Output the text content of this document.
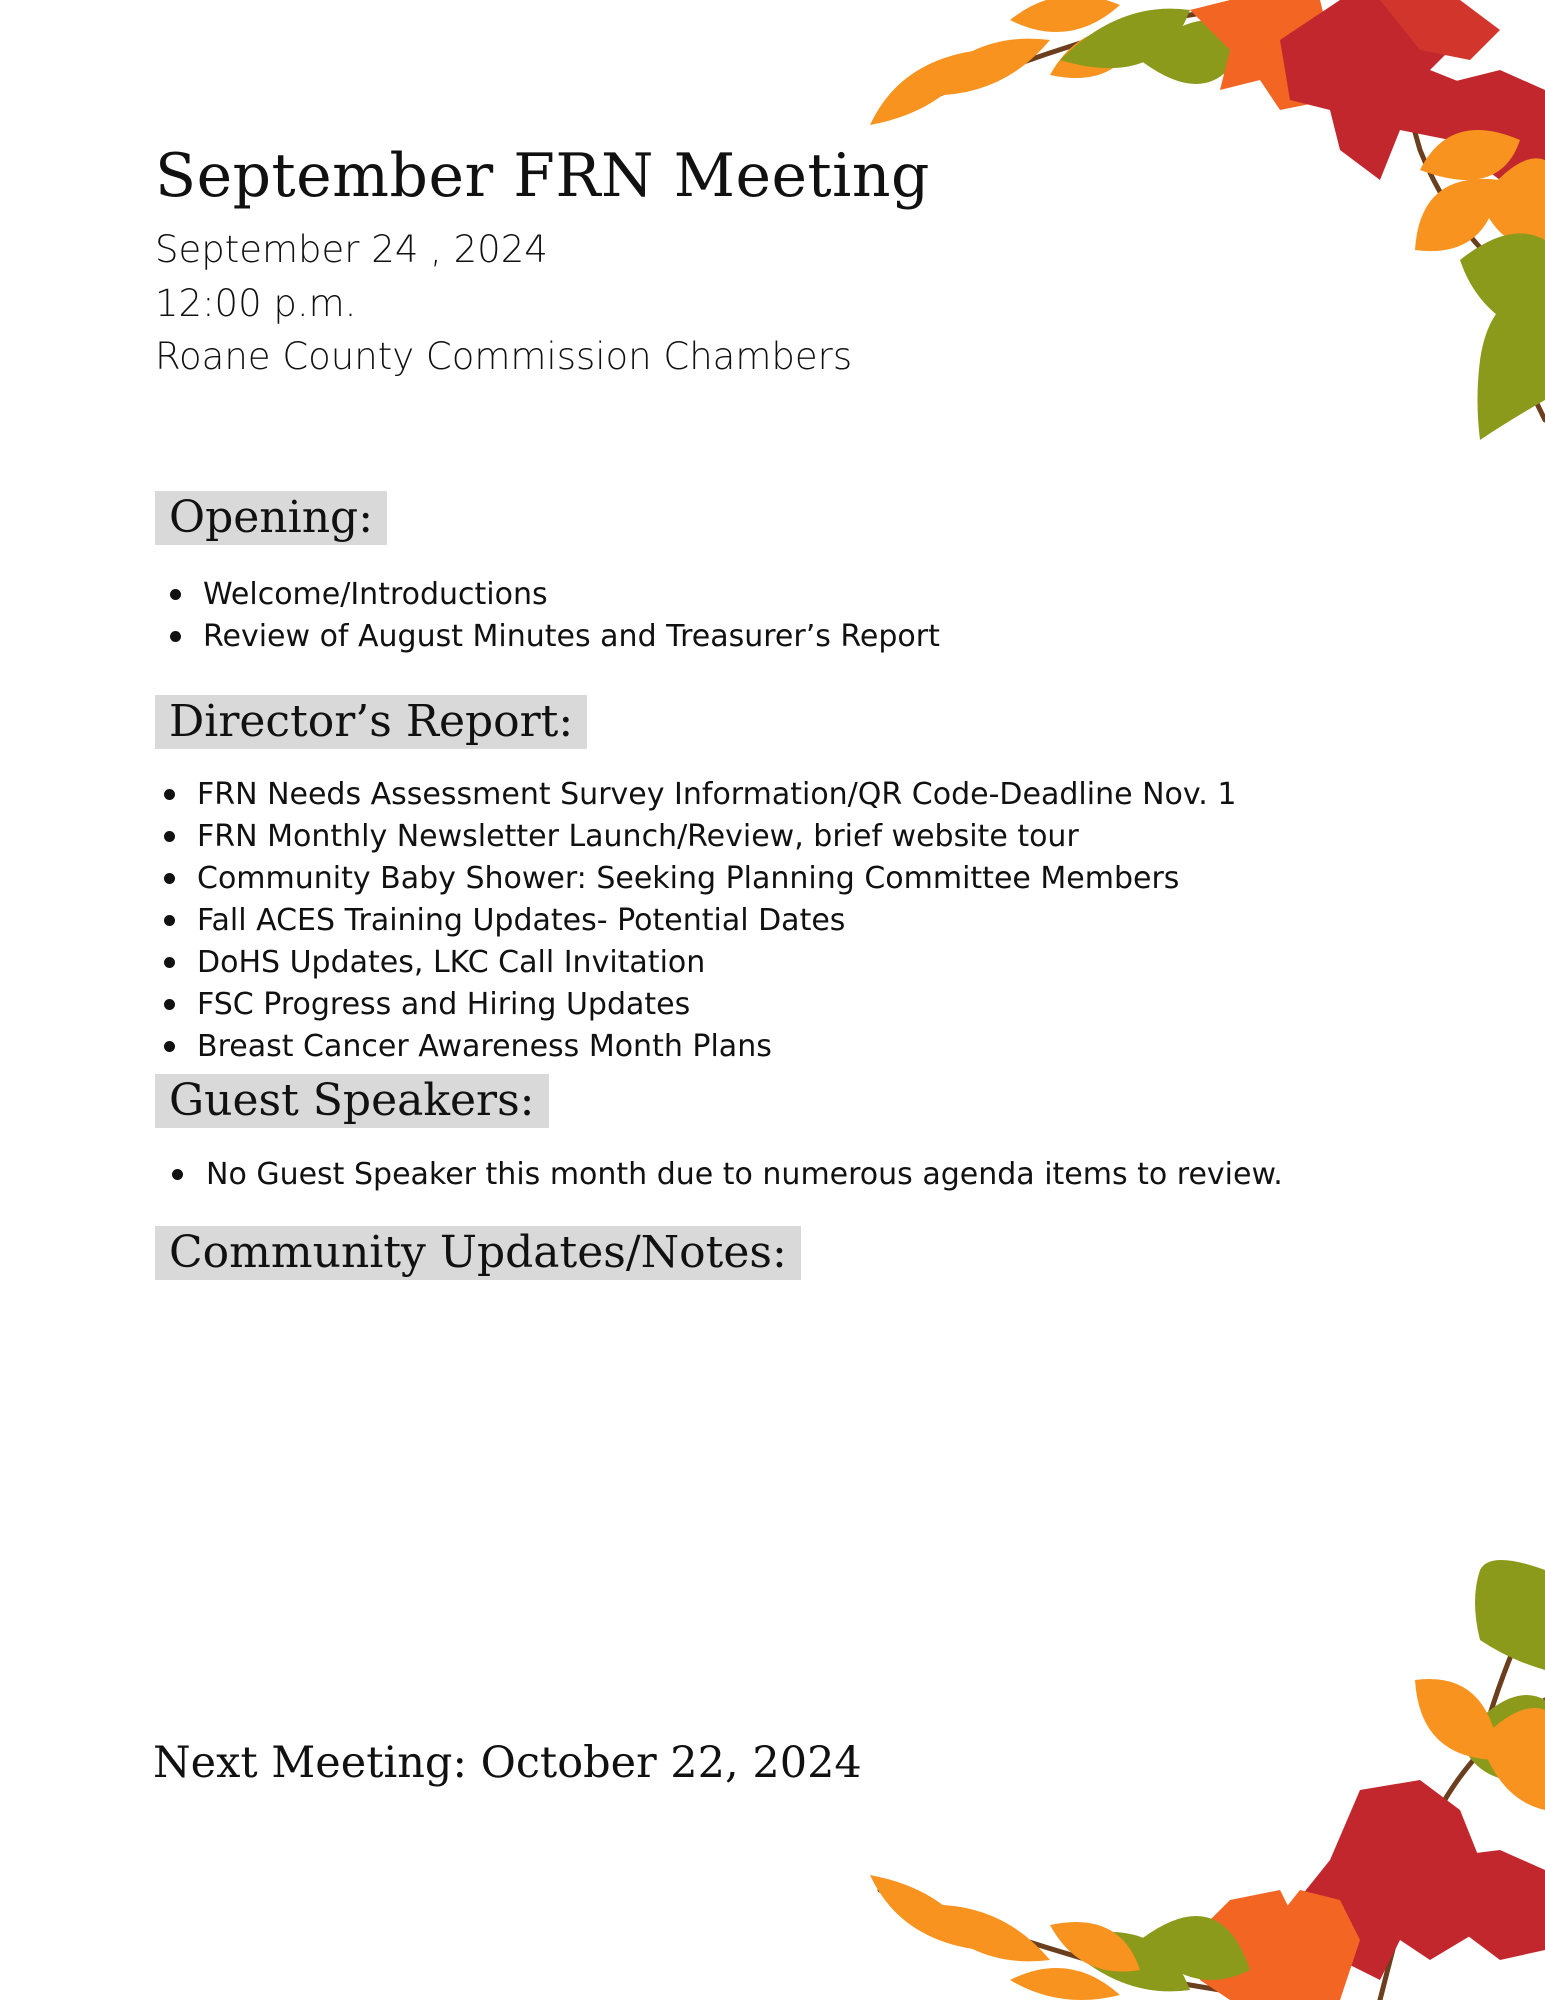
September FRN Meeting
September 24 , 2024
12:00 p.m.
Roane County Commission Chambers
Opening:
Welcome/Introductions
Review of August Minutes and Treasurer’s Report
Director’s Report:
FRN Needs Assessment Survey Information/QR Code-Deadline Nov. 1
FRN Monthly Newsletter Launch/Review, brief website tour
Community Baby Shower: Seeking Planning Committee Members
Fall ACES Training Updates- Potential Dates
DoHS Updates, LKC Call Invitation
FSC Progress and Hiring Updates
Breast Cancer Awareness Month Plans
Guest Speakers:
No Guest Speaker this month due to numerous agenda items to review.
Community Updates/Notes:
Next Meeting: October 22, 2024
